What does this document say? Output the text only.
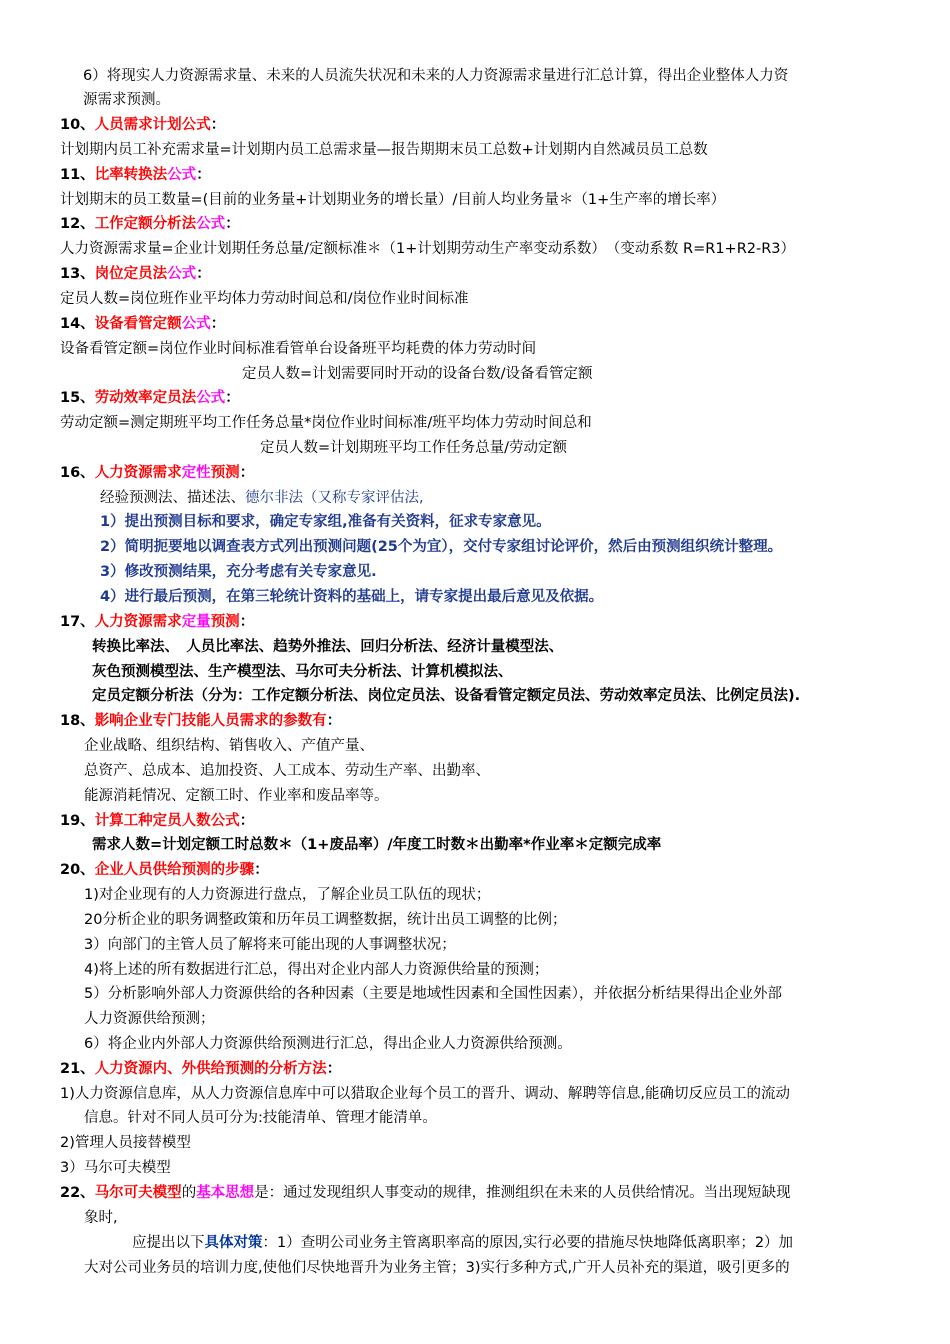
6）将现实人力资源需求量、未来的人员流失状况和未来的人力资源需求量进行汇总计算，得出企业整体人力资
源需求预测。
10、人员需求计划公式：
计划期内员工补充需求量=计划期内员工总需求量—报告期期末员工总数+计划期内自然减员员工总数
11、比率转换法公式：
计划期末的员工数量=(目前的业务量+计划期业务的增长量）/目前人均业务量＊（1+生产率的增长率）
12、工作定额分析法公式：
人力资源需求量=企业计划期任务总量/定额标准＊（1+计划期劳动生产率变动系数）　（变动系数 R=R1+R2-R3）
13、岗位定员法公式：
定员人数=岗位班作业平均体力劳动时间总和/岗位作业时间标准
14、设备看管定额公式：
设备看管定额=岗位作业时间标准看管单台设备班平均耗费的体力劳动时间
定员人数=计划需要同时开动的设备台数/设备看管定额
15、劳动效率定员法公式：
劳动定额=测定期班平均工作任务总量*岗位作业时间标准/班平均体力劳动时间总和
定员人数=计划期班平均工作任务总量/劳动定额
16、人力资源需求定性预测：
经验预测法、描述法、德尔非法（又称专家评估法,
1）提出预测目标和要求，确定专家组,准备有关资料，征求专家意见。
2）简明扼要地以调查表方式列出预测问题(25个为宜），交付专家组讨论评价，然后由预测组织统计整理。
3）修改预测结果，充分考虑有关专家意见.
4）进行最后预测，在第三轮统计资料的基础上，请专家提出最后意见及依据。
17、人力资源需求定量预测：
转换比率法、　人员比率法、趋势外推法、回归分析法、经济计量模型法、
灰色预测模型法、生产模型法、马尔可夫分析法、计算机模拟法、
定员定额分析法（分为：工作定额分析法、岗位定员法、设备看管定额定员法、劳动效率定员法、比例定员法).
18、影响企业专门技能人员需求的参数有：
企业战略、组织结构、销售收入、产值产量、
总资产、总成本、追加投资、人工成本、劳动生产率、出勤率、
能源消耗情况、定额工时、作业率和废品率等。
19、计算工种定员人数公式：
需求人数=计划定额工时总数＊（1+废品率）/年度工时数＊出勤率*作业率＊定额完成率
20、企业人员供给预测的步骤：
1)对企业现有的人力资源进行盘点，了解企业员工队伍的现状；
20分析企业的职务调整政策和历年员工调整数据，统计出员工调整的比例；
3）向部门的主管人员了解将来可能出现的人事调整状况；
4)将上述的所有数据进行汇总，得出对企业内部人力资源供给量的预测；
5）分析影响外部人力资源供给的各种因素（主要是地域性因素和全国性因素），并依据分析结果得出企业外部
人力资源供给预测；
6）将企业内外部人力资源供给预测进行汇总，得出企业人力资源供给预测。
21、人力资源内、外供给预测的分析方法：
1)人力资源信息库，从人力资源信息库中可以猎取企业每个员工的晋升、调动、解聘等信息,能确切反应员工的流动
信息。针对不同人员可分为:技能清单、管理才能清单。
2)管理人员接替模型
3）马尔可夫模型
22、马尔可夫模型的基本思想是：通过发现组织人事变动的规律，推测组织在未来的人员供给情况。当出现短缺现
象时,
应提出以下具体对策：1）查明公司业务主管离职率高的原因,实行必要的措施尽快地降低离职率；2）加
大对公司业务员的培训力度,使他们尽快地晋升为业务主管；3)实行多种方式,广开人员补充的渠道，吸引更多的
